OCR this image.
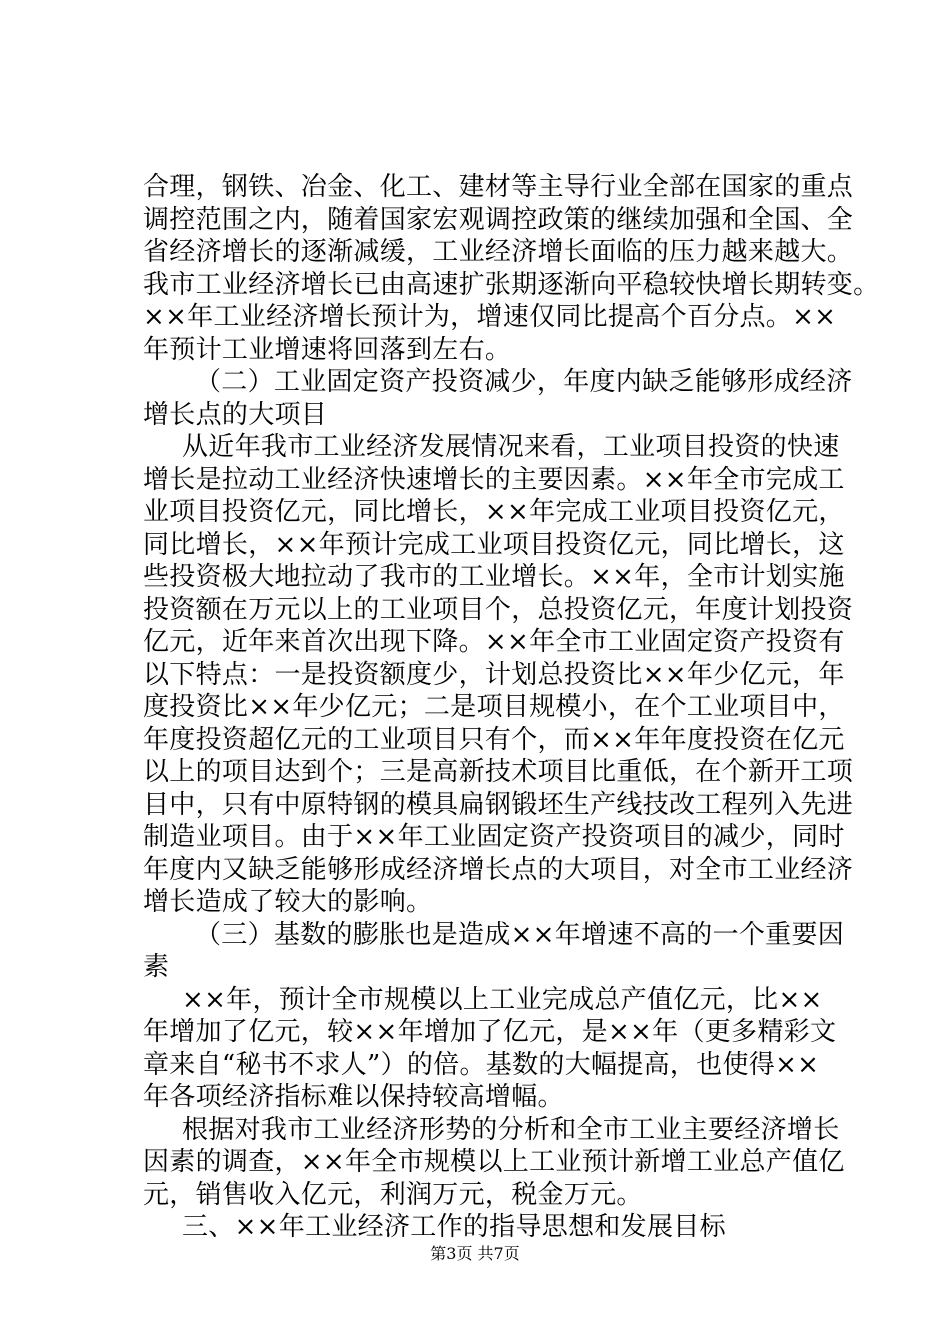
合理，钢铁、冶金、化工、建材等主导行业全部在国家的重点
调控范围之内，随着国家宏观调控政策的继续加强和全国、全
省经济增长的逐渐减缓，工业经济增长面临的压力越来越大。
我市工业经济增长已由高速扩张期逐渐向平稳较快增长期转变。
××年工业经济增长预计为，增速仅同比提高个百分点。××
年预计工业增速将回落到左右。
（二）工业固定资产投资减少，年度内缺乏能够形成经济
增长点的大项目
从近年我市工业经济发展情况来看，工业项目投资的快速
增长是拉动工业经济快速增长的主要因素。××年全市完成工
业项目投资亿元，同比增长，××年完成工业项目投资亿元，
同比增长，××年预计完成工业项目投资亿元，同比增长，这
些投资极大地拉动了我市的工业增长。××年，全市计划实施
投资额在万元以上的工业项目个，总投资亿元，年度计划投资
亿元，近年来首次出现下降。××年全市工业固定资产投资有
以下特点：一是投资额度少，计划总投资比××年少亿元，年
度投资比××年少亿元；二是项目规模小，在个工业项目中，
年度投资超亿元的工业项目只有个，而××年年度投资在亿元
以上的项目达到个；三是高新技术项目比重低，在个新开工项
目中，只有中原特钢的模具扁钢锻坯生产线技改工程列入先进
制造业项目。由于××年工业固定资产投资项目的减少，同时
年度内又缺乏能够形成经济增长点的大项目，对全市工业经济
增长造成了较大的影响。
（三）基数的膨胀也是造成××年增速不高的一个重要因
素
××年，预计全市规模以上工业完成总产值亿元，比××
年增加了亿元，较××年增加了亿元，是××年（更多精彩文
章来自“秘书不求人”）的倍。基数的大幅提高，也使得××
年各项经济指标难以保持较高增幅。
根据对我市工业经济形势的分析和全市工业主要经济增长
因素的调查，××年全市规模以上工业预计新增工业总产值亿
元，销售收入亿元，利润万元，税金万元。
三、××年工业经济工作的指导思想和发展目标
第3页 共7页
